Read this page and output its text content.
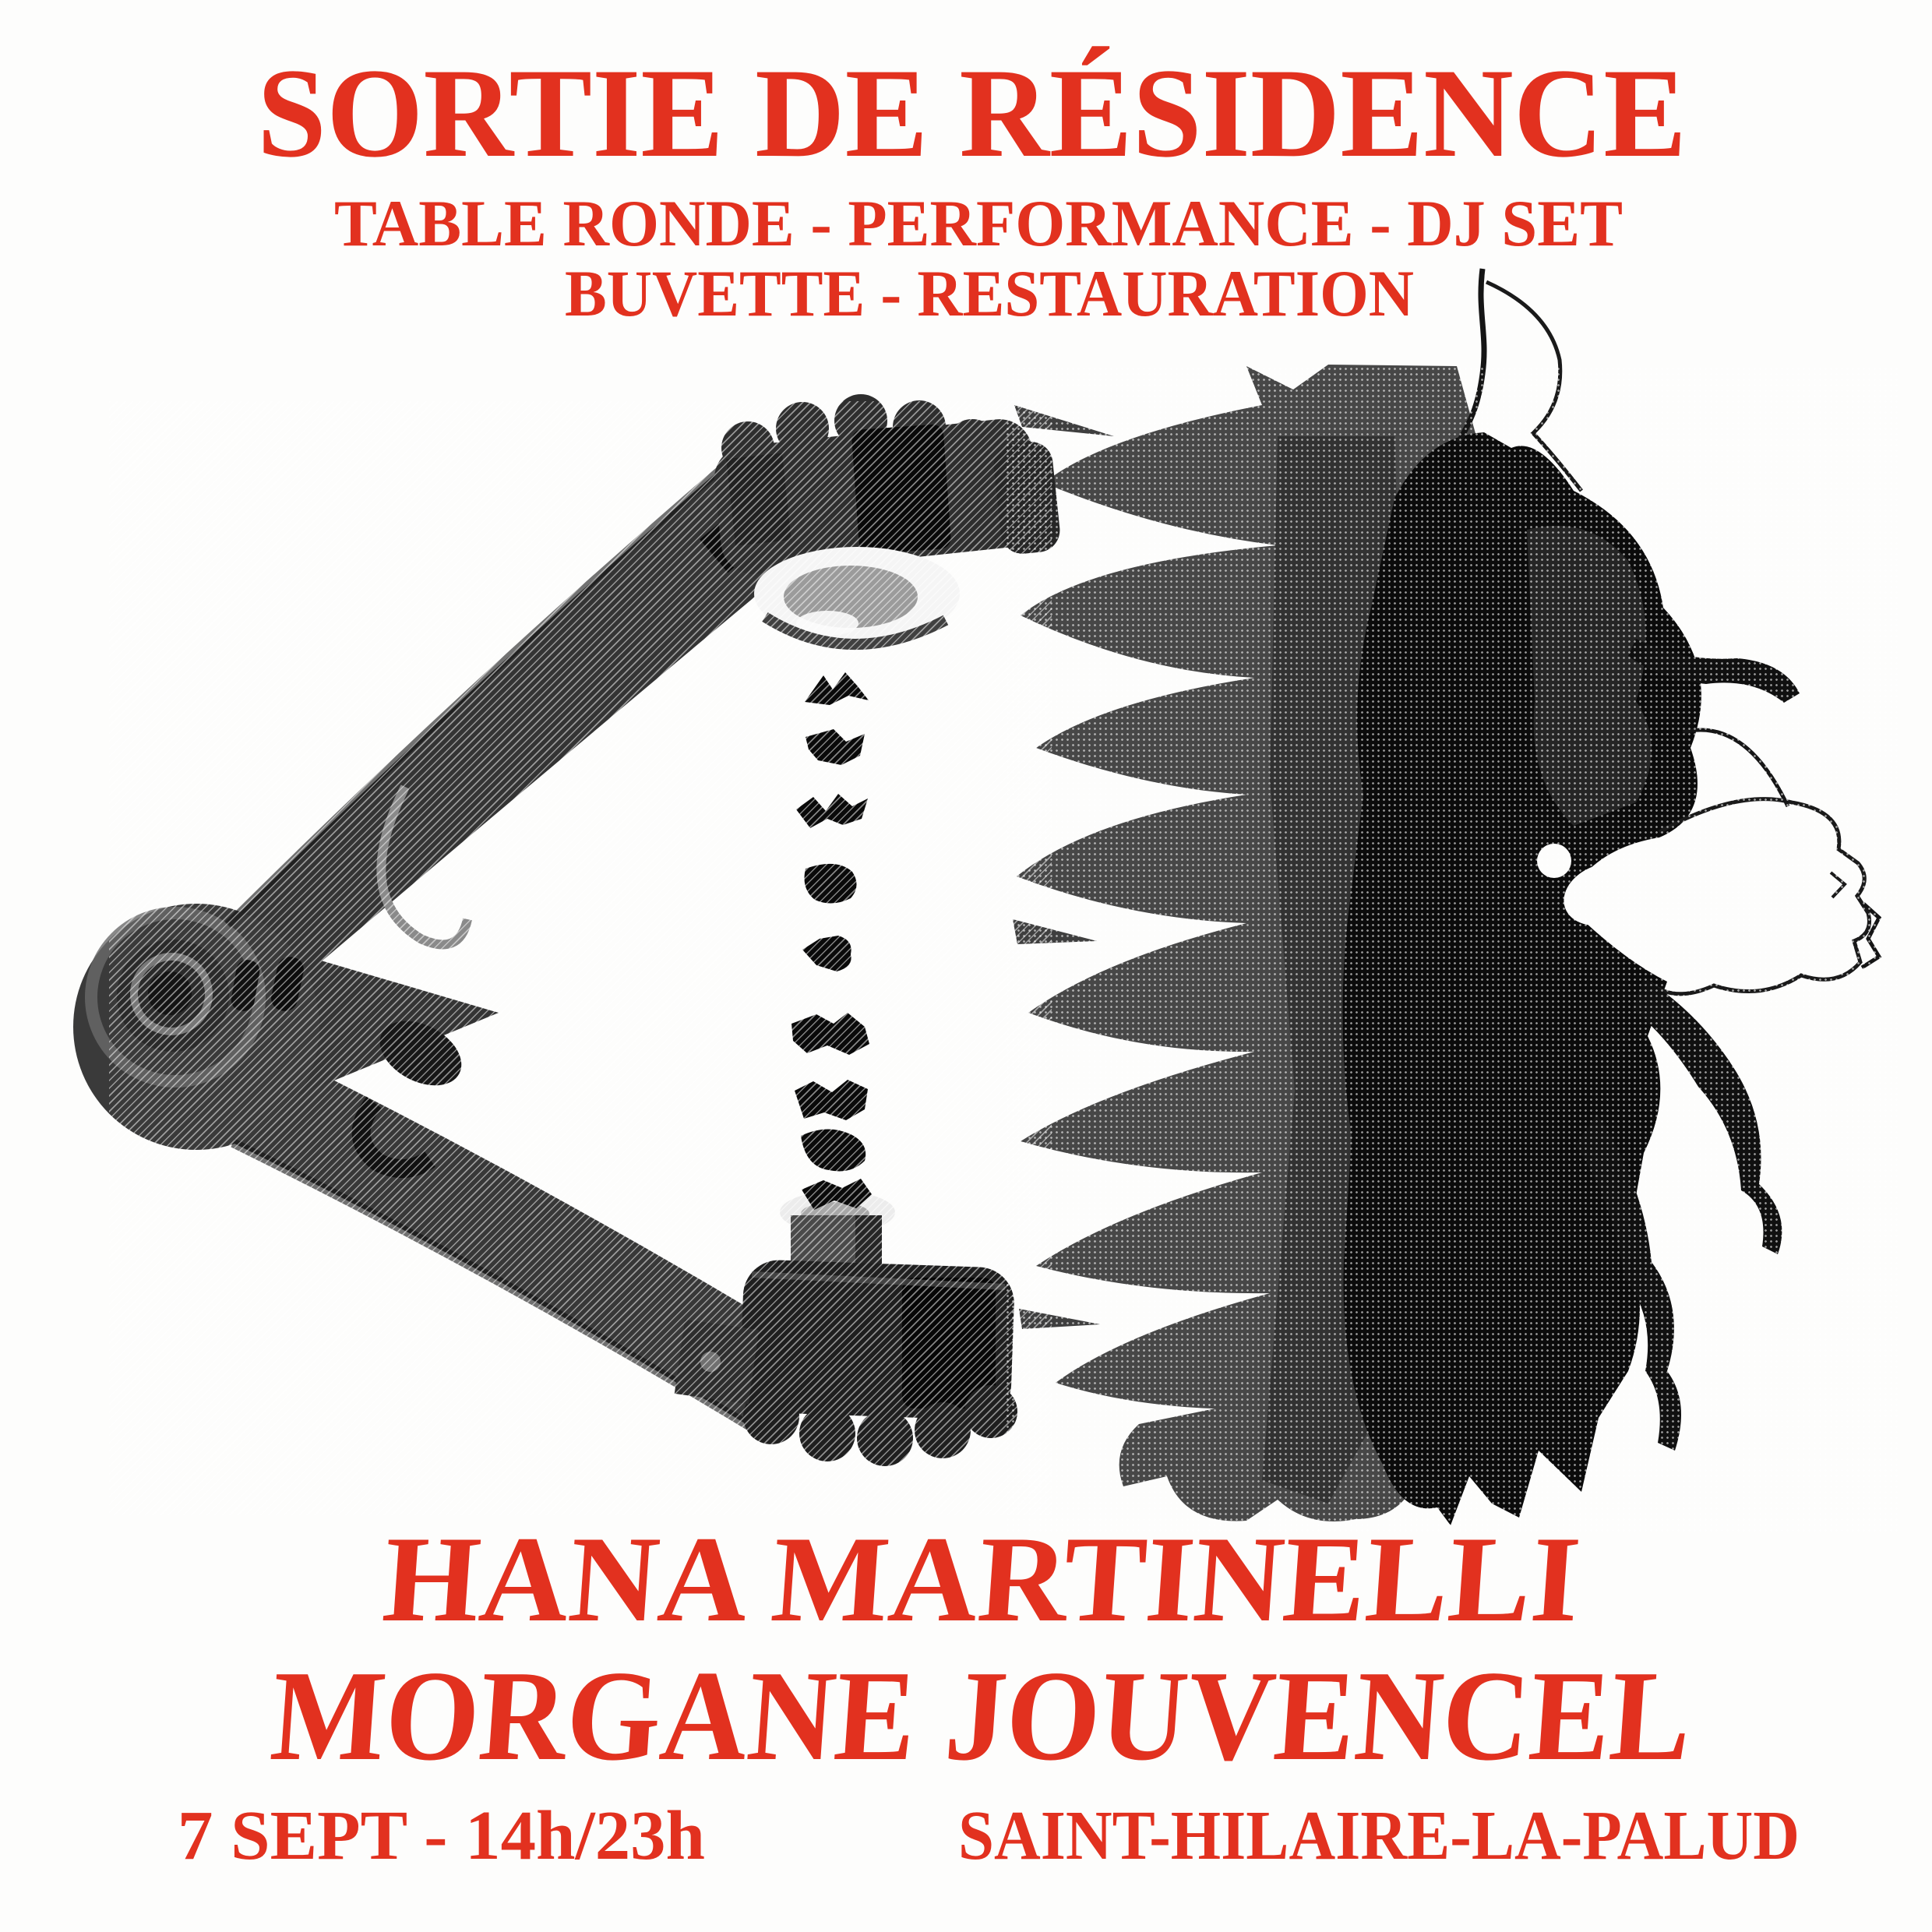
SORTIE DE RÉSIDENCE
TABLE RONDE - PERFORMANCE - DJ SET
BUVETTE - RESTAURATION
HANA MARTINELLI
MORGANE JOUVENCEL
7 SEPT - 14h/23h	SAINT-HILAIRE-LA-PALUD
